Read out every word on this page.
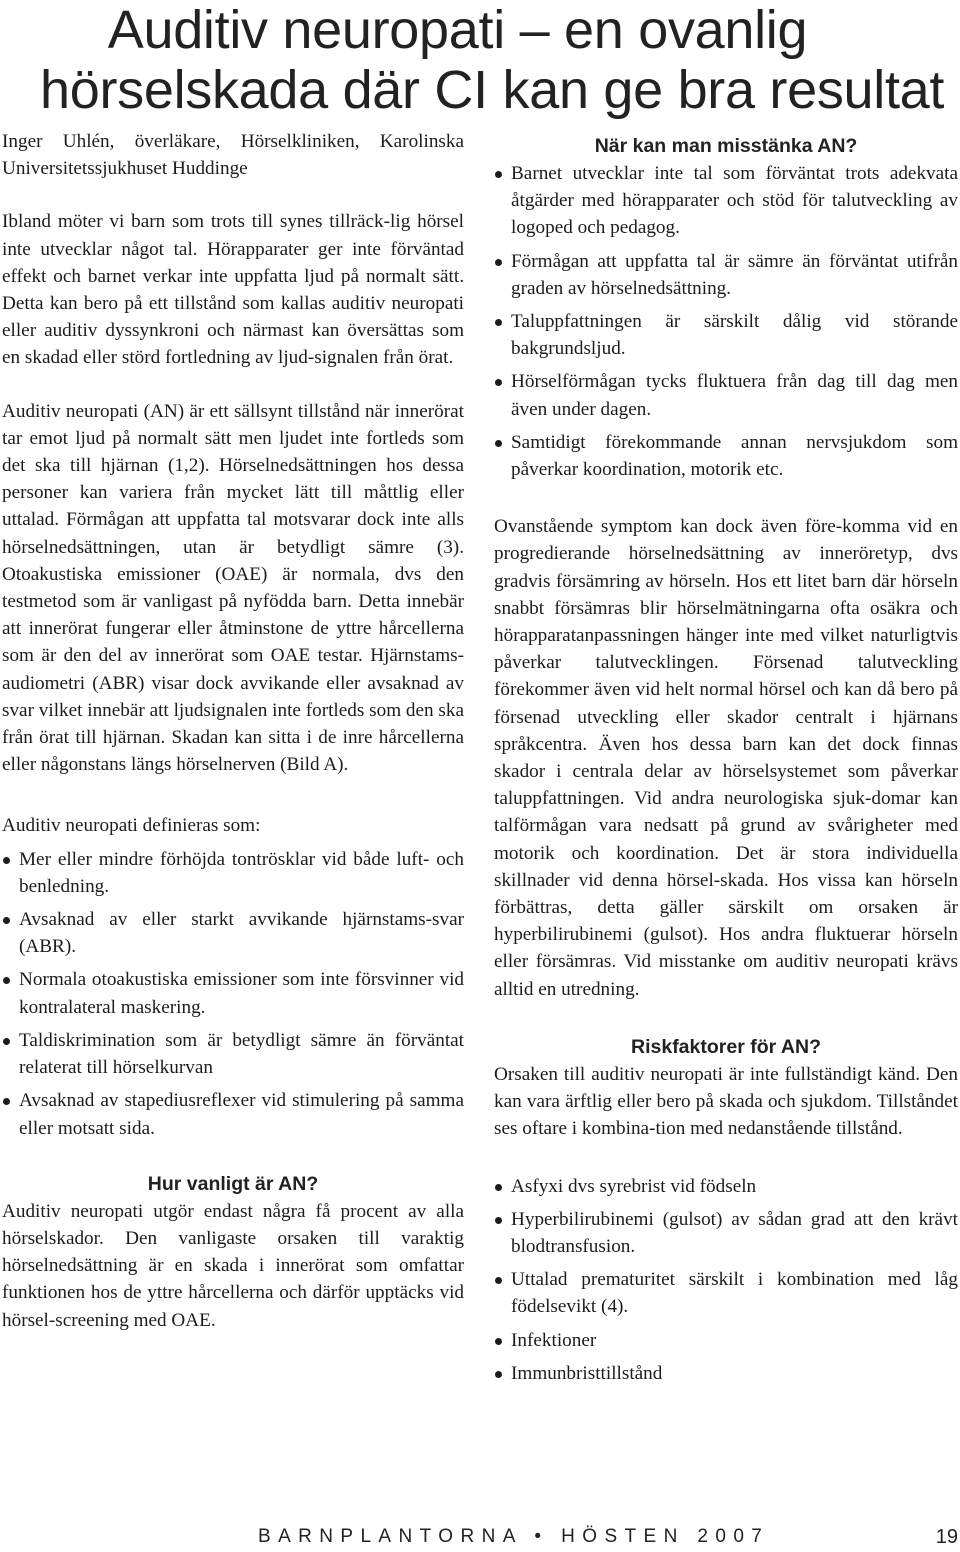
Auditiv neuropati – en ovanlig
hörselskada där CI kan ge bra resultat

Inger Uhlén, överläkare, Hörselkliniken, Karolinska Universitetssjukhuset Huddinge

Ibland möter vi barn som trots till synes tillräck-lig hörsel inte utvecklar något tal. Hörapparater ger inte förväntad effekt och barnet verkar inte uppfatta ljud på normalt sätt. Detta kan bero på ett tillstånd som kallas auditiv neuropati eller auditiv dyssynkroni och närmast kan översättas som en skadad eller störd fortledning av ljud-signalen från örat.

Auditiv neuropati (AN) är ett sällsynt tillstånd när innerörat tar emot ljud på normalt sätt men ljudet inte fortleds som det ska till hjärnan (1,2). Hörselnedsättningen hos dessa personer kan variera från mycket lätt till måttlig eller uttalad. Förmågan att uppfatta tal motsvarar dock inte alls hörselnedsättningen, utan är betydligt sämre (3). Otoakustiska emissioner (OAE) är normala, dvs den testmetod som är vanligast på nyfödda barn. Detta innebär att innerörat fungerar eller åtminstone de yttre hårcellerna som är den del av innerörat som OAE testar. Hjärnstams-audiometri (ABR) visar dock avvikande eller avsaknad av svar vilket innebär att ljudsignalen inte fortleds som den ska från örat till hjärnan. Skadan kan sitta i de inre hårcellerna eller någonstans längs hörselnerven (Bild A).

Auditiv neuropati definieras som:

Mer eller mindre förhöjda tontrösklar vid både luft- och benledning.
Avsaknad av eller starkt avvikande hjärnstams-svar (ABR).
Normala otoakustiska emissioner som inte försvinner vid kontralateral maskering.
Taldiskrimination som är betydligt sämre än förväntat relaterat till hörselkurvan
Avsaknad av stapediusreflexer vid stimulering på samma eller motsatt sida.
Hur vanligt är AN?

Auditiv neuropati utgör endast några få procent av alla hörselskador. Den vanligaste orsaken till varaktig hörselnedsättning är en skada i innerörat som omfattar funktionen hos de yttre hårcellerna och därför upptäcks vid hörsel-screening med OAE.

När kan man misstänka AN?
Barnet utvecklar inte tal som förväntat trots adekvata åtgärder med hörapparater och stöd för talutveckling av logoped och pedagog.
Förmågan att uppfatta tal är sämre än förväntat utifrån graden av hörselnedsättning.
Taluppfattningen är särskilt dålig vid störande bakgrundsljud.
Hörselförmågan tycks fluktuera från dag till dag men även under dagen.
Samtidigt förekommande annan nervsjukdom som påverkar koordination, motorik etc.

Ovanstående symptom kan dock även före-komma vid en progredierande hörselnedsättning av inneröretyp, dvs gradvis försämring av hörseln. Hos ett litet barn där hörseln snabbt försämras blir hörselmätningarna ofta osäkra och hörapparatanpassningen hänger inte med vilket naturligtvis påverkar talutvecklingen. Försenad talutveckling förekommer även vid helt normal hörsel och kan då bero på försenad utveckling eller skador centralt i hjärnans språkcentra. Även hos dessa barn kan det dock finnas skador i centrala delar av hörselsystemet som påverkar taluppfattningen. Vid andra neurologiska sjuk-domar kan talförmågan vara nedsatt på grund av svårigheter med motorik och koordination. Det är stora individuella skillnader vid denna hörsel-skada. Hos vissa kan hörseln förbättras, detta gäller särskilt om orsaken är hyperbilirubinemi (gulsot). Hos andra fluktuerar hörseln eller försämras. Vid misstanke om auditiv neuropati krävs alltid en utredning.

Riskfaktorer för AN?

Orsaken till auditiv neuropati är inte fullständigt känd. Den kan vara ärftlig eller bero på skada och sjukdom. Tillståndet ses oftare i kombina-tion med nedanstående tillstånd.

Asfyxi dvs syrebrist vid födseln
Hyperbilirubinemi (gulsot) av sådan grad att den krävt blodtransfusion.
Uttalad prematuritet särskilt i kombination med låg födelsevikt (4).
Infektioner
Immunbristtillstånd
BARNPLANTORNA • HÖSTEN 2007	19
